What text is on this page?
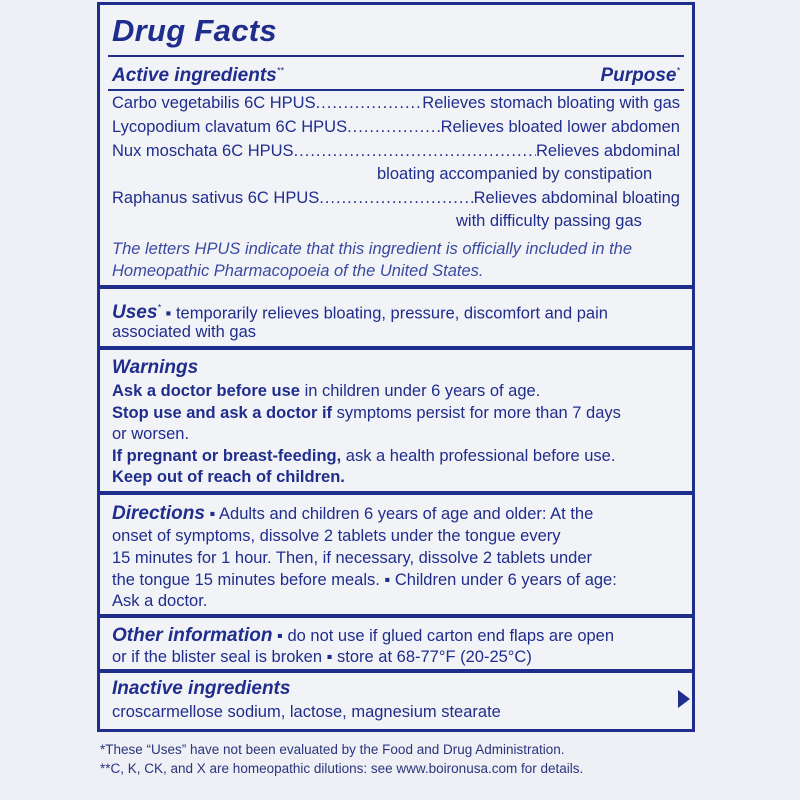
Drug Facts
Active ingredients**	Purpose*
Carbo vegetabilis 6C HPUS .....	Relieves stomach bloating with gas
Lycopodium clavatum 6C HPUS .....	Relieves bloated lower abdomen
Nux moschata 6C HPUS .....	Relieves abdominal
bloating accompanied by constipation
Raphanus sativus 6C HPUS .....	Relieves abdominal bloating
with difficulty passing gas
The letters HPUS indicate that this ingredient is officially included in the
Homeopathic Pharmacopoeia of the United States.
Uses* ▪ temporarily relieves bloating, pressure, discomfort and pain
associated with gas
Warnings
Ask a doctor before use in children under 6 years of age.
Stop use and ask a doctor if symptoms persist for more than 7 days
or worsen.
If pregnant or breast-feeding, ask a health professional before use.
Keep out of reach of children.
Directions ▪ Adults and children 6 years of age and older: At the
onset of symptoms, dissolve 2 tablets under the tongue every
15 minutes for 1 hour. Then, if necessary, dissolve 2 tablets under
the tongue 15 minutes before meals. ▪ Children under 6 years of age:
Ask a doctor.
Other information ▪ do not use if glued carton end flaps are open
or if the blister seal is broken ▪ store at 68-77°F (20-25°C)
Inactive ingredients
croscarmellose sodium, lactose, magnesium stearate
*These “Uses” have not been evaluated by the Food and Drug Administration.
**C, K, CK, and X are homeopathic dilutions: see www.boironusa.com for details.
